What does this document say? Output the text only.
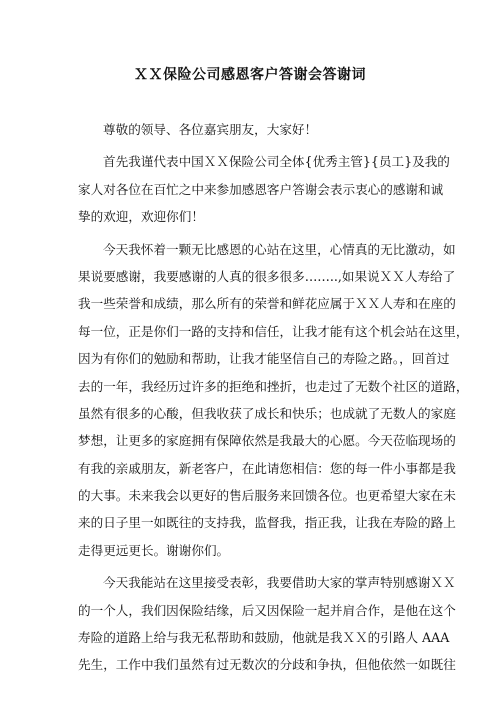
ＸＸ保险公司感恩客户答谢会答谢词
尊敬的领导、各位嘉宾朋友，大家好！
首先我谨代表中国ＸＸ保险公司全体{优秀主管}{员工}及我的
家人对各位在百忙之中来参加感恩客户答谢会表示衷心的感谢和诚
挚的欢迎，欢迎你们！
今天我怀着一颗无比感恩的心站在这里，心情真的无比激动，如
果说要感谢，我要感谢的人真的很多很多……..,如果说ＸＸ人寿给了
我一些荣誉和成绩，那么所有的荣誉和鲜花应属于ＸＸ人寿和在座的
每一位，正是你们一路的支持和信任，让我才能有这个机会站在这里，
因为有你们的勉励和帮助，让我才能坚信自己的寿险之路。，回首过
去的一年，我经历过许多的拒绝和挫折，也走过了无数个社区的道路，
虽然有很多的心酸，但我收获了成长和快乐；也成就了无数人的家庭
梦想，让更多的家庭拥有保障依然是我最大的心愿。今天莅临现场的
有我的亲戚朋友，新老客户，在此请您相信：您的每一件小事都是我
的大事。未来我会以更好的售后服务来回馈各位。也更希望大家在未
来的日子里一如既往的支持我，监督我，指正我，让我在寿险的路上
走得更远更长。谢谢你们。
今天我能站在这里接受表彰，我要借助大家的掌声特别感谢ＸＸ
的一个人，我们因保险结缘，后又因保险一起并肩合作，是他在这个
寿险的道路上给与我无私帮助和鼓励，他就是我ＸＸ的引路人 AAA
先生，工作中我们虽然有过无数次的分歧和争执，但他依然一如既往
